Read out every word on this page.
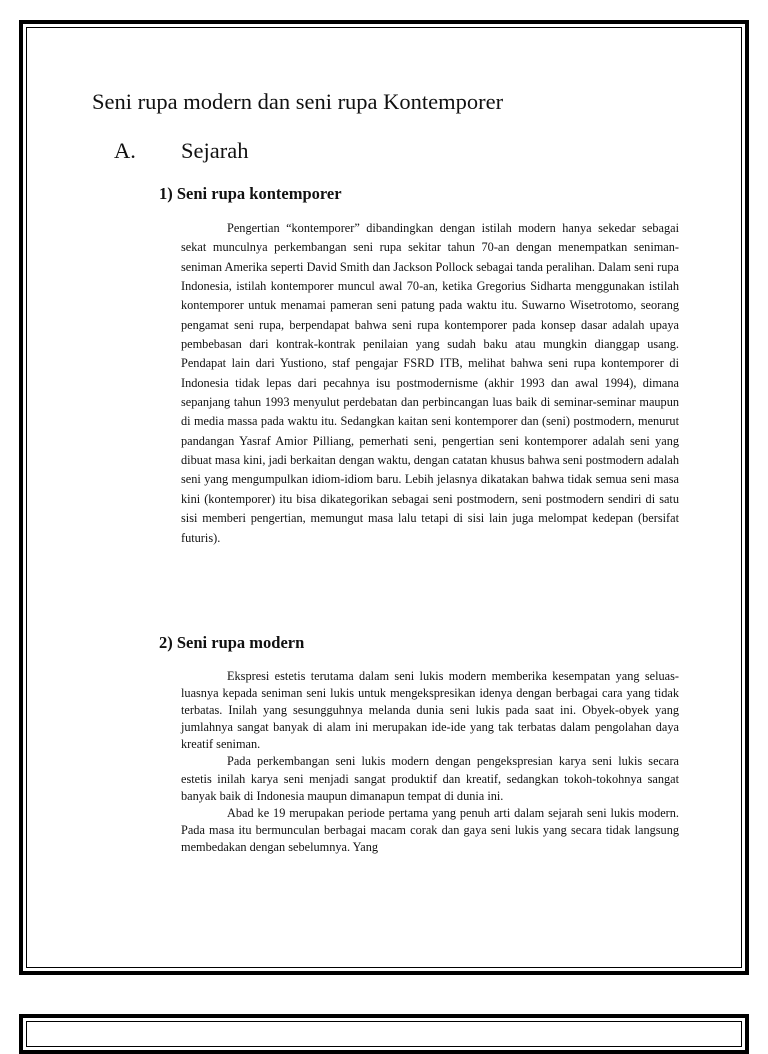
Seni rupa modern dan seni rupa Kontemporer
A. Sejarah
1) Seni rupa kontemporer

Pengertian “kontemporer” dibandingkan dengan istilah modern hanya sekedar sebagai sekat munculnya perkembangan seni rupa sekitar tahun 70-an dengan menempatkan seniman-seniman Amerika seperti David Smith dan Jackson Pollock sebagai tanda peralihan. Dalam seni rupa Indonesia, istilah kontemporer muncul awal 70-an, ketika Gregorius Sidharta menggunakan istilah kontemporer untuk menamai pameran seni patung pada waktu itu. Suwarno Wisetrotomo, seorang pengamat seni rupa, berpendapat bahwa seni rupa kontemporer pada konsep dasar adalah upaya pembebasan dari kontrak-kontrak penilaian yang sudah baku atau mungkin dianggap usang. Pendapat lain dari Yustiono, staf pengajar FSRD ITB, melihat bahwa seni rupa kontemporer di Indonesia tidak lepas dari pecahnya isu postmodernisme (akhir 1993 dan awal 1994), dimana sepanjang tahun 1993 menyulut perdebatan dan perbincangan luas baik di seminar-seminar maupun di media massa pada waktu itu. Sedangkan kaitan seni kontemporer dan (seni) postmodern, menurut pandangan Yasraf Amior Pilliang, pemerhati seni, pengertian seni kontemporer adalah seni yang dibuat masa kini, jadi berkaitan dengan waktu, dengan catatan khusus bahwa seni postmodern adalah seni yang mengumpulkan idiom-idiom baru. Lebih jelasnya dikatakan bahwa tidak semua seni masa kini (kontemporer) itu bisa dikategorikan sebagai seni postmodern, seni postmodern sendiri di satu sisi memberi pengertian, memungut masa lalu tetapi di sisi lain juga melompat kedepan (bersifat futuris).

2) Seni rupa modern

Ekspresi estetis terutama dalam seni lukis modern memberika kesempatan yang seluas-luasnya kepada seniman seni lukis untuk mengekspresikan idenya dengan berbagai cara yang tidak terbatas. Inilah yang sesungguhnya melanda dunia seni lukis pada saat ini. Obyek-obyek yang jumlahnya sangat banyak di alam ini merupakan ide-ide yang tak terbatas dalam pengolahan daya kreatif seniman.

Pada perkembangan seni lukis modern dengan pengekspresian karya seni lukis secara estetis inilah karya seni menjadi sangat produktif dan kreatif, sedangkan tokoh-tokohnya sangat banyak baik di Indonesia maupun dimanapun tempat di dunia ini.

Abad ke 19 merupakan periode pertama yang penuh arti dalam sejarah seni lukis modern. Pada masa itu bermunculan berbagai macam corak dan gaya seni lukis yang secara tidak langsung membedakan dengan sebelumnya. Yang
